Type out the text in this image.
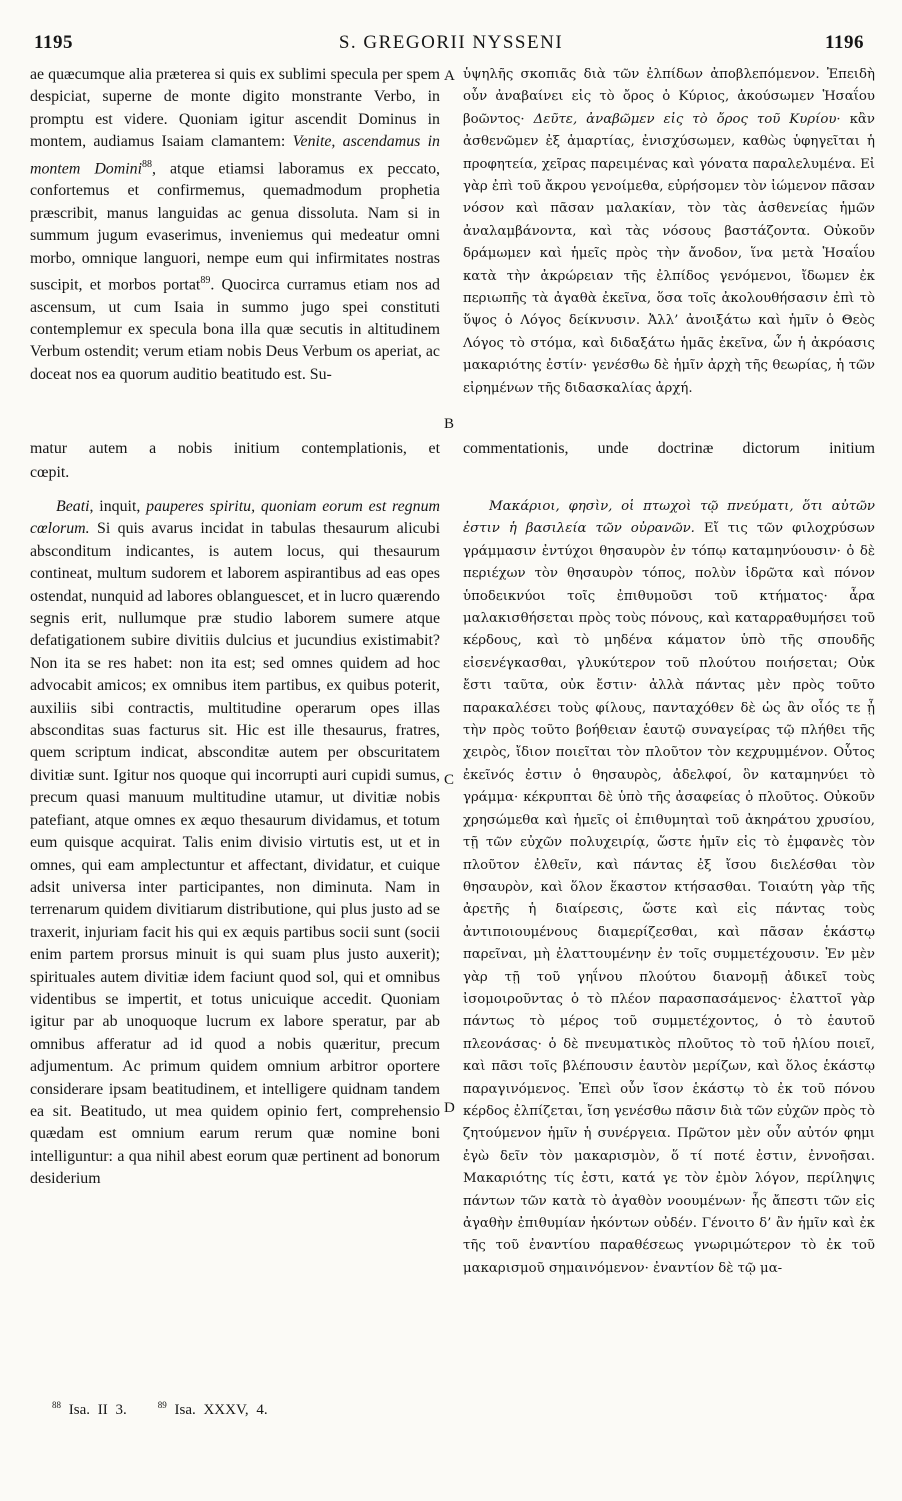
1195	S. GREGORII NYSSENI	1196

ae quæcumque alia præterea si quis ex sublimi specula per spem despiciat, superne de monte digito monstrante Verbo, in promptu est videre. Quoniam igitur ascendit Dominus in montem, audiamus Isaiam clamantem: Venite, ascendamus in montem Domini$^{88}$, atque etiamsi laboramus ex peccato, confortemus et confirmemus, quemadmodum prophetia præscribit, manus languidas ac genua dissoluta. Nam si in summum jugum evaserimus, inveniemus qui medeatur omni morbo, omnique languori, nempe eum qui infirmitates nostras suscipit, et morbos portat$^{89}$. Quocirca curramus etiam nos ad ascensum, ut cum Isaia in summo jugo spei constituti contemplemur ex specula bona illa quæ secutis in altitudinem Verbum ostendit; verum etiam nobis Deus Verbum os aperiat, ac doceat nos ea quorum auditio beatitudo est. Su-

ὑψηλῆς σκοπιᾶς διὰ τῶν ἐλπίδων ἀποβλεπόμενον. Ἐπειδὴ οὖν ἀναβαίνει εἰς τὸ ὄρος ὁ Κύριος, ἀκούσωμεν Ἡσαΐου βοῶντος· Δεῦτε, ἀναβῶμεν εἰς τὸ ὄρος τοῦ Κυρίου· κἂν ἀσθενῶμεν ἐξ ἁμαρτίας, ἐνισχύσωμεν, καθὼς ὑφηγεῖται ἡ προφητεία, χεῖρας παρειμένας καὶ γόνατα παραλελυμένα. Εἰ γὰρ ἐπὶ τοῦ ἄκρου γενοίμεθα, εὑρήσομεν τὸν ἰώμενον πᾶσαν νόσον καὶ πᾶσαν μαλακίαν, τὸν τὰς ἀσθενείας ἡμῶν ἀναλαμβάνοντα, καὶ τὰς νόσους βαστάζοντα. Οὐκοῦν δράμωμεν καὶ ἡμεῖς πρὸς τὴν ἄνοδον, ἵνα μετὰ Ἡσαΐου κατὰ τὴν ἀκρώρειαν τῆς ἐλπίδος γενόμενοι, ἴδωμεν ἐκ περιωπῆς τὰ ἀγαθὰ ἐκεῖνα, ὅσα τοῖς ἀκολουθήσασιν ἐπὶ τὸ ὕψος ὁ Λόγος δείκνυσιν. Ἀλλ’ ἀνοιξάτω καὶ ἡμῖν ὁ Θεὸς Λόγος τὸ στόμα, καὶ διδαξάτω ἡμᾶς ἐκεῖνα, ὧν ἡ ἀκρόασις μακαριότης ἐστίν· γενέσθω δὲ ἡμῖν ἀρχὴ τῆς θεωρίας, ἡ τῶν εἰρημένων τῆς διδασκαλίας ἀρχή.

matur autem a nobis initium contemplationis, et commentationis, unde doctrinæ dictorum initium
cœpit.

Beati, inquit, pauperes spiritu, quoniam eorum est regnum cœlorum. Si quis avarus incidat in tabulas thesaurum alicubi absconditum indicantes, is autem locus, qui thesaurum contineat, multum sudorem et laborem aspirantibus ad eas opes ostendat, nunquid ad labores oblanguescet, et in lucro quærendo segnis erit, nullumque præ studio laborem sumere atque defatigationem subire divitiis dulcius et jucundius existimabit? Non ita se res habet: non ita est; sed omnes quidem ad hoc advocabit amicos; ex omnibus item partibus, ex quibus poterit, auxiliis sibi contractis, multitudine operarum opes illas absconditas suas facturus sit. Hic est ille thesaurus, fratres, quem scriptum indicat, absconditæ autem per obscuritatem divitiæ sunt. Igitur nos quoque qui incorrupti auri cupidi sumus, precum quasi manuum multitudine utamur, ut divitiæ nobis patefiant, atque omnes ex æquo thesaurum dividamus, et totum eum quisque acquirat. Talis enim divisio virtutis est, ut et in omnes, qui eam amplectuntur et affectant, dividatur, et cuique adsit universa inter participantes, non diminuta. Nam in terrenarum quidem divitiarum distributione, qui plus justo ad se traxerit, injuriam facit his qui ex æquis partibus socii sunt (socii enim partem prorsus minuit is qui suam plus justo auxerit); spirituales autem divitiæ idem faciunt quod sol, qui et omnibus videntibus se impertit, et totus unicuique accedit. Quoniam igitur par ab unoquoque lucrum ex labore speratur, par ab omnibus afferatur ad id quod a nobis quæritur, precum adjumentum. Ac primum quidem omnium arbitror oportere considerare ipsam beatitudinem, et intelligere quidnam tandem ea sit. Beatitudo, ut mea quidem opinio fert, comprehensio quædam est omnium earum rerum quæ nomine boni intelliguntur: a qua nihil abest eorum quæ pertinent ad bonorum desiderium

Μακάριοι, φησὶν, οἱ πτωχοὶ τῷ πνεύματι, ὅτι αὐτῶν ἐστιν ἡ βασιλεία τῶν οὐρανῶν. Εἴ τις τῶν φιλοχρύσων γράμμασιν ἐντύχοι θησαυρὸν ἐν τόπῳ καταμηνύουσιν· ὁ δὲ περιέχων τὸν θησαυρὸν τόπος, πολὺν ἱδρῶτα καὶ πόνον ὑποδεικνύοι τοῖς ἐπιθυμοῦσι τοῦ κτήματος· ἆρα μαλακισθήσεται πρὸς τοὺς πόνους, καὶ καταρραθυμήσει τοῦ κέρδους, καὶ τὸ μηδένα κάματον ὑπὸ τῆς σπουδῆς εἰσενέγκασθαι, γλυκύτερον τοῦ πλούτου ποιήσεται; Οὐκ ἔστι ταῦτα, οὐκ ἔστιν· ἀλλὰ πάντας μὲν πρὸς τοῦτο παρακαλέσει τοὺς φίλους, πανταχόθεν δὲ ὡς ἂν οἷός τε ᾖ τὴν πρὸς τοῦτο βοήθειαν ἑαυτῷ συναγείρας τῷ πλήθει τῆς χειρὸς, ἴδιον ποιεῖται τὸν πλοῦτον τὸν κεχρυμμένον. Οὗτος ἐκεῖνός ἐστιν ὁ θησαυρὸς, ἀδελφοί, ὃν καταμηνύει τὸ γράμμα· κέκρυπται δὲ ὑπὸ τῆς ἀσαφείας ὁ πλοῦτος. Οὐκοῦν χρησώμεθα καὶ ἡμεῖς οἱ ἐπιθυμηταὶ τοῦ ἀκηράτου χρυσίου, τῇ τῶν εὐχῶν πολυχειρίᾳ, ὥστε ἡμῖν εἰς τὸ ἐμφανὲς τὸν πλοῦτον ἐλθεῖν, καὶ πάντας ἐξ ἴσου διελέσθαι τὸν θησαυρὸν, καὶ ὅλον ἕκαστον κτήσασθαι. Τοιαύτη γὰρ τῆς ἀρετῆς ἡ διαίρεσις, ὥστε καὶ εἰς πάντας τοὺς ἀντιποιουμένους διαμερίζεσθαι, καὶ πᾶσαν ἑκάστῳ παρεῖναι, μὴ ἐλαττουμένην ἐν τοῖς συμμετέχουσιν. Ἐν μὲν γὰρ τῇ τοῦ γηΐνου πλούτου διανομῇ ἀδικεῖ τοὺς ἰσομοιροῦντας ὁ τὸ πλέον παρασπασάμενος· ἐλαττοῖ γὰρ πάντως τὸ μέρος τοῦ συμμετέχοντος, ὁ τὸ ἑαυτοῦ πλεονάσας· ὁ δὲ πνευματικὸς πλοῦτος τὸ τοῦ ἡλίου ποιεῖ, καὶ πᾶσι τοῖς βλέπουσιν ἑαυτὸν μερίζων, καὶ ὅλος ἑκάστῳ παραγινόμενος. Ἐπεὶ οὖν ἴσον ἑκάστῳ τὸ ἐκ τοῦ πόνου κέρδος ἐλπίζεται, ἴση γενέσθω πᾶσιν διὰ τῶν εὐχῶν πρὸς τὸ ζητούμενον ἡμῖν ἡ συνέργεια. Πρῶτον μὲν οὖν αὐτόν φημι ἐγὼ δεῖν τὸν μακαρισμὸν, ὅ τί ποτέ ἐστιν, ἐννοῆσαι. Μακαριότης τίς ἐστι, κατά γε τὸν ἐμὸν λόγον, περίληψις πάντων τῶν κατὰ τὸ ἀγαθὸν νοουμένων· ἧς ἄπεστι τῶν εἰς ἀγαθὴν ἐπιθυμίαν ἡκόντων οὐδέν. Γένοιτο δ’ ἂν ἡμῖν καὶ ἐκ τῆς τοῦ ἐναντίου παραθέσεως γνωριμώτερον τὸ ἐκ τοῦ μακαρισμοῦ σημαινόμενον· ἐναντίον δὲ τῷ μα-

A
B
C
D
$^{88}$ Isa. II 3.	$^{89}$ Isa. XXXV, 4.
